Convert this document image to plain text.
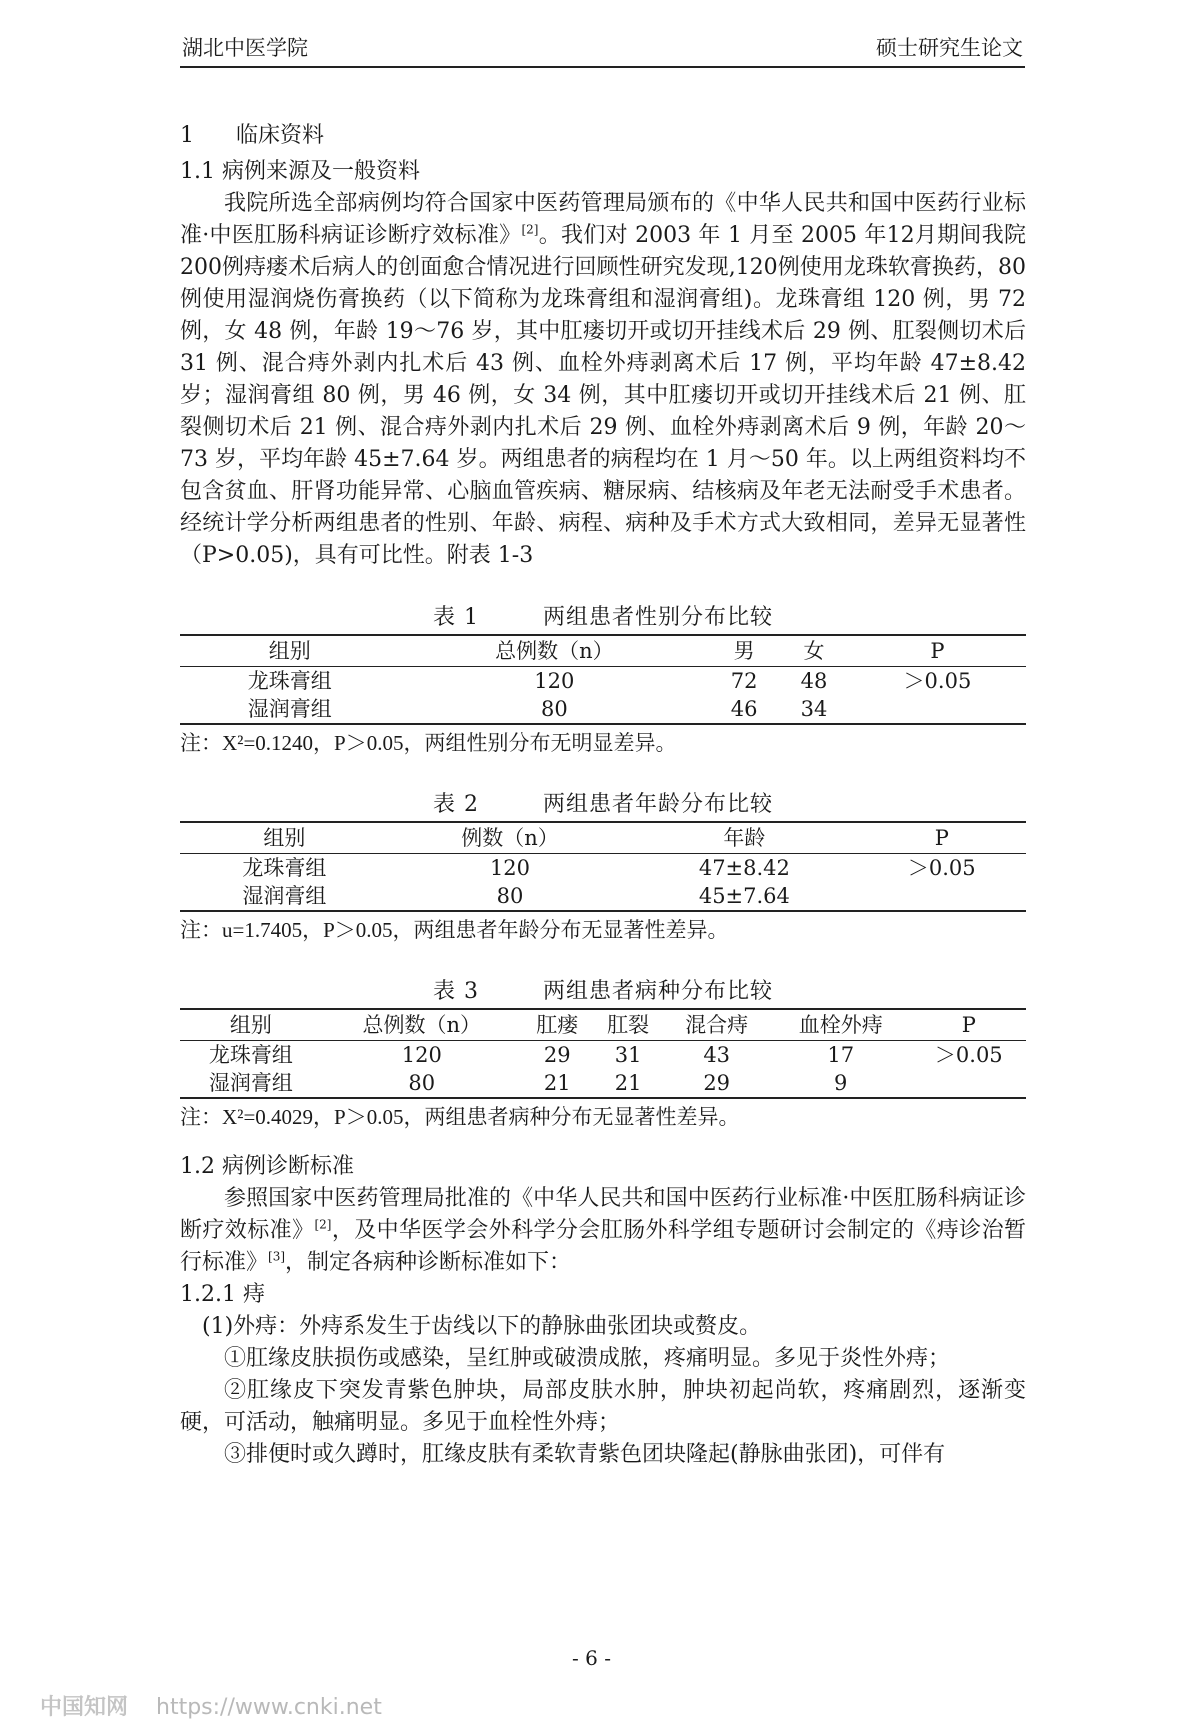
湖北中医学院	硕士研究生论文

1 临床资料

1.1 病例来源及一般资料

我院所选全部病例均符合国家中医药管理局颁布的《中华人民共和国中医药行业标准·中医肛肠科病证诊断疗效标准》[2]。我们对 2003 年 1 月至 2005 年12月期间我院200例痔瘘术后病人的创面愈合情况进行回顾性研究发现,120例使用龙珠软膏换药，80例使用湿润烧伤膏换药（以下简称为龙珠膏组和湿润膏组)。龙珠膏组 120 例，男 72 例，女 48 例，年龄 19～76 岁，其中肛瘘切开或切开挂线术后 29 例、肛裂侧切术后 31 例、混合痔外剥内扎术后 43 例、血栓外痔剥离术后 17 例，平均年龄 47±8.42 岁；湿润膏组 80 例，男 46 例，女 34 例，其中肛瘘切开或切开挂线术后 21 例、肛裂侧切术后 21 例、混合痔外剥内扎术后 29 例、血栓外痔剥离术后 9 例，年龄 20～73 岁，平均年龄 45±7.64 岁。两组患者的病程均在 1 月～50 年。以上两组资料均不包含贫血、肝肾功能异常、心脑血管疾病、糖尿病、结核病及年老无法耐受手术患者。经统计学分析两组患者的性别、年龄、病程、病种及手术方式大致相同，差异无显著性（P>0.05)，具有可比性。附表 1-3

表 1	两组患者性别分布比较

组别	总例数（n）	男	女	P
龙珠膏组	120	72	48	＞0.05
湿润膏组	80	46	34	

注：X²=0.1240，P＞0.05，两组性别分布无明显差异。

表 2	两组患者年龄分布比较

组别	例数（n）	年龄	P
龙珠膏组	120	47±8.42	＞0.05
湿润膏组	80	45±7.64	

注：u=1.7405，P＞0.05，两组患者年龄分布无显著性差异。

表 3	两组患者病种分布比较

组别	总例数（n）	肛瘘	肛裂	混合痔	血栓外痔	P
龙珠膏组	120	29	31	43	17	＞0.05
湿润膏组	80	21	21	29	9	

注：X²=0.4029，P＞0.05，两组患者病种分布无显著性差异。

1.2 病例诊断标准

参照国家中医药管理局批准的《中华人民共和国中医药行业标准·中医肛肠科病证诊断疗效标准》[2]，及中华医学会外科学分会肛肠外科学组专题研讨会制定的《痔诊治暂行标准》[3]，制定各病种诊断标准如下：

1.2.1 痔

(1)外痔：外痔系发生于齿线以下的静脉曲张团块或赘皮。

①肛缘皮肤损伤或感染，呈红肿或破溃成脓，疼痛明显。多见于炎性外痔；

②肛缘皮下突发青紫色肿块，局部皮肤水肿，肿块初起尚软，疼痛剧烈，逐渐变硬，可活动，触痛明显。多见于血栓性外痔；

③排便时或久蹲时，肛缘皮肤有柔软青紫色团块隆起(静脉曲张团)，可伴有

- 6 -
中国知网 https://www.cnki.net
